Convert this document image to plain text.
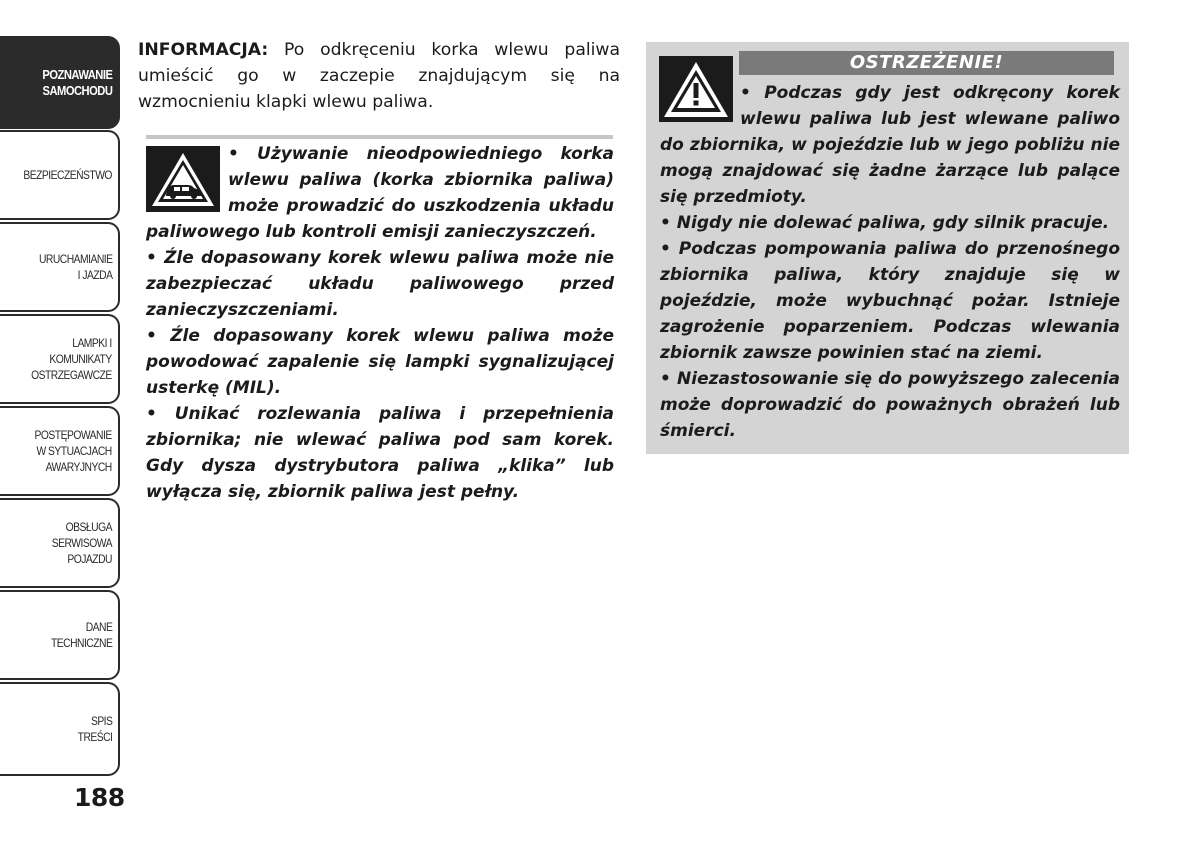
POZNAWANIE
SAMOCHODU
BEZPIECZEŃSTWO
URUCHAMIANIE
I JAZDA
LAMPKI I
KOMUNIKATY
OSTRZEGAWCZE
POSTĘPOWANIE
W SYTUACJACH
AWARYJNYCH
OBSŁUGA
SERWISOWA
POJAZDU
DANE
TECHNICZNE
SPIS
TREŚCI
188

INFORMACJA: Po odkręceniu korka wlewu paliwa umieścić go w zaczepie znajdującym się na wzmocnieniu klapki wlewu paliwa.

• Używanie nieodpowiedniego korka wlewu paliwa (korka zbiornika paliwa) może prowadzić do uszkodzenia układu paliwowego lub kontroli emisji zanieczyszczeń.

• Źle dopasowany korek wlewu paliwa może nie zabezpieczać układu paliwowego przed zanieczyszczeniami.

• Źle dopasowany korek wlewu paliwa może powodować zapalenie się lampki sygnalizującej usterkę (MIL).

• Unikać rozlewania paliwa i przepełnienia zbiornika; nie wlewać paliwa pod sam korek. Gdy dysza dystrybutora paliwa „klika” lub wyłącza się, zbiornik paliwa jest pełny.

OSTRZEŻENIE!

• Podczas gdy jest odkręcony korek wlewu paliwa lub jest wlewane paliwo do zbiornika, w pojeździe lub w jego pobliżu nie mogą znajdować się żadne żarzące lub palące się przedmioty.

• Nigdy nie dolewać paliwa, gdy silnik pracuje.

• Podczas pompowania paliwa do przenośnego zbiornika paliwa, który znajduje się w pojeździe, może wybuchnąć pożar. Istnieje zagrożenie poparzeniem. Podczas wlewania zbiornik zawsze powinien stać na ziemi.

• Niezastosowanie się do powyższego zalecenia może doprowadzić do poważnych obrażeń lub śmierci.
